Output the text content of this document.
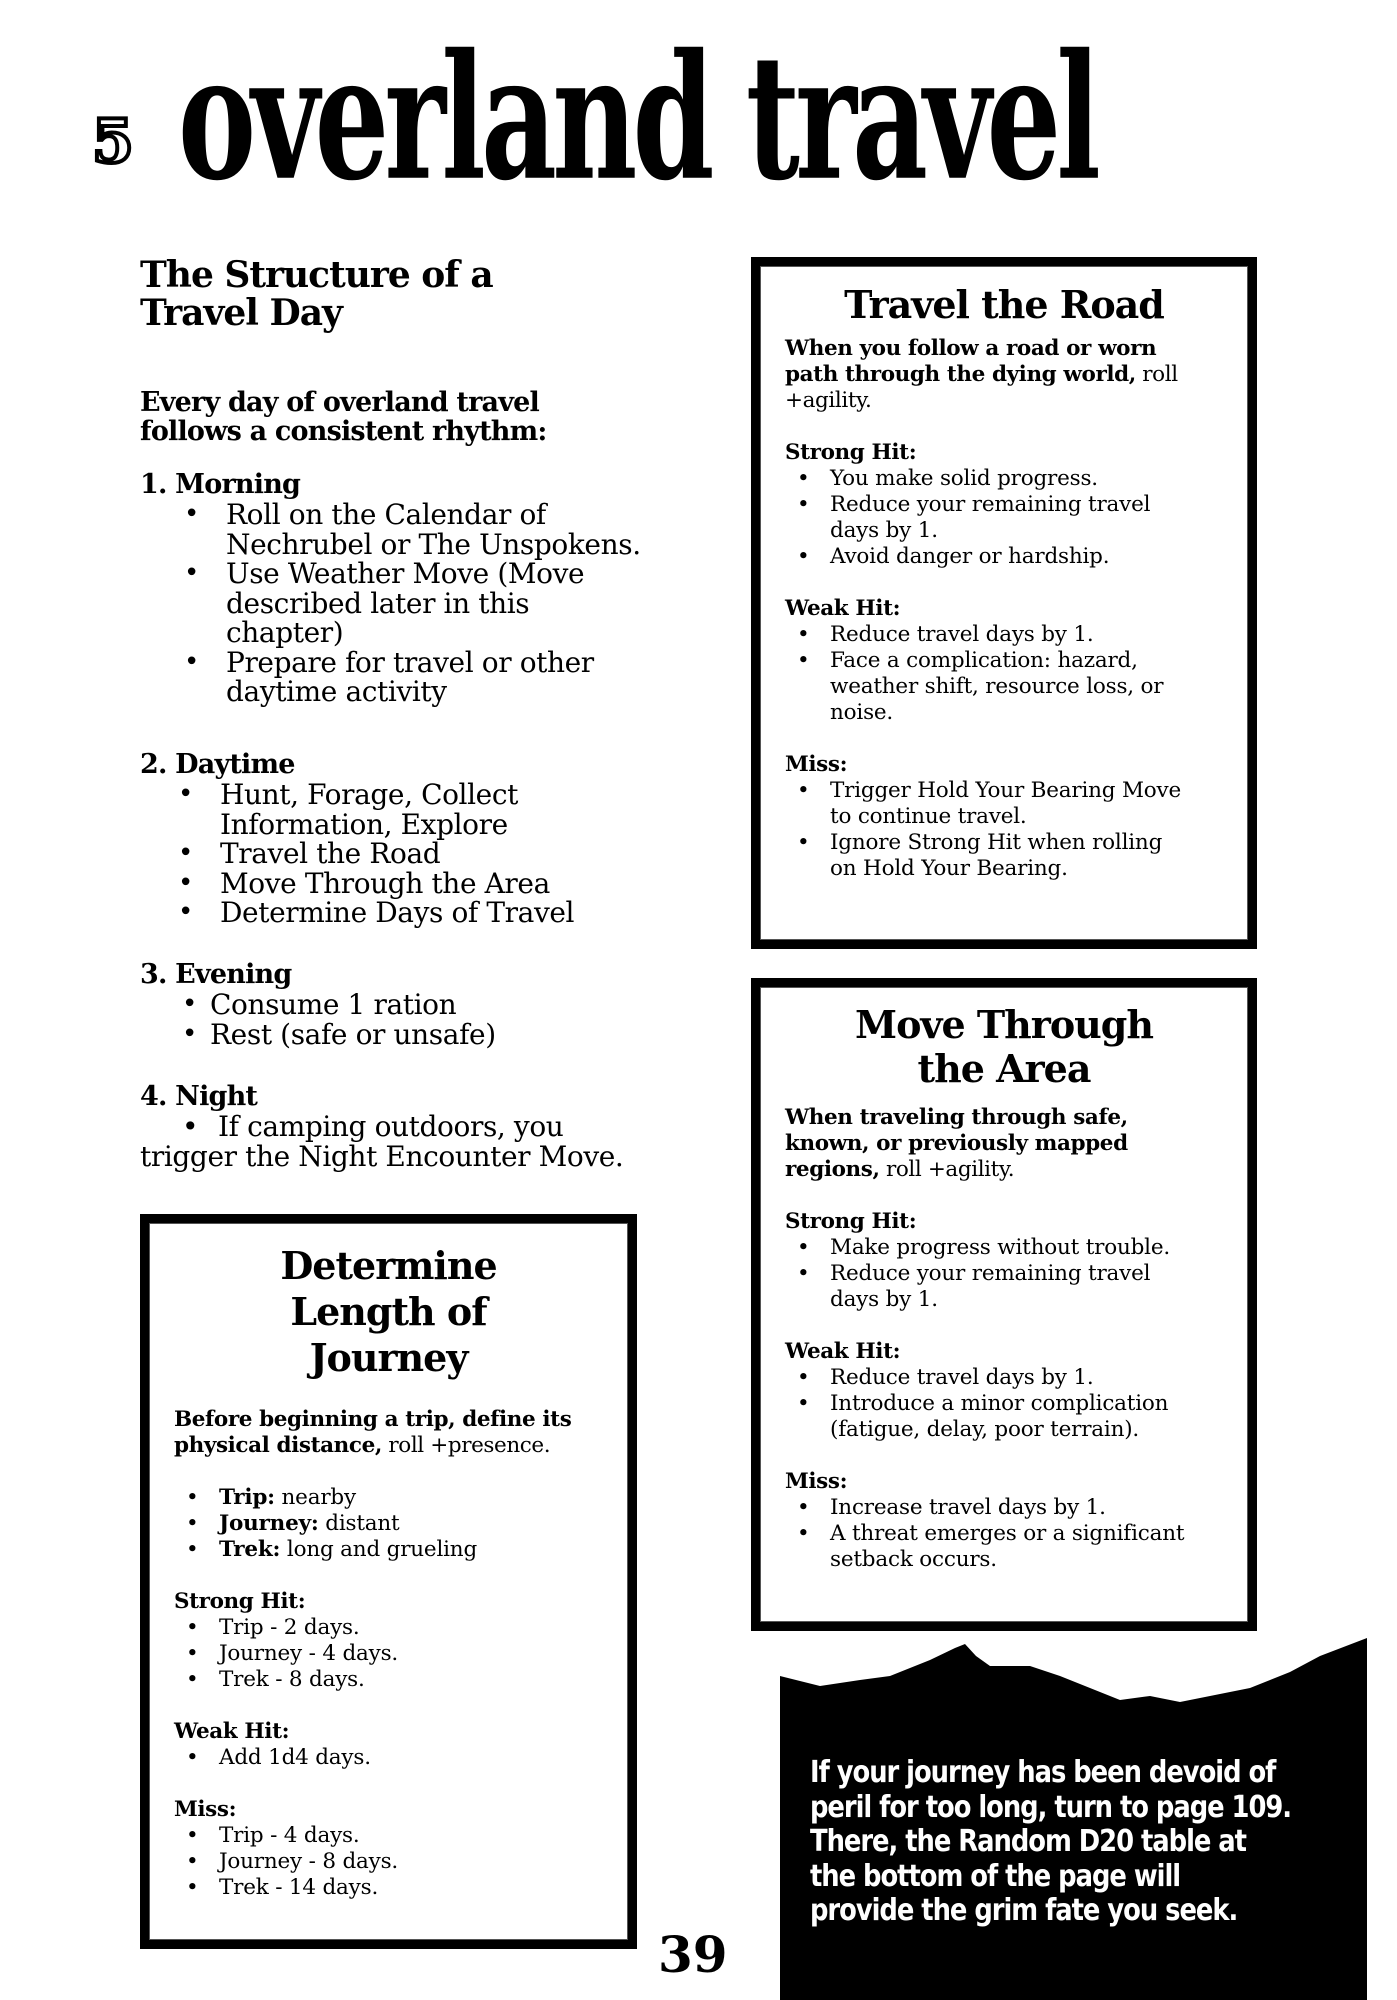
5 overland travel
The Structure of a
Travel Day
Every day of overland travel
follows a consistent rhythm:
1. Morning
• Roll on the Calendar of
Nechrubel or The Unspokens.
• Use Weather Move (Move
described later in this
chapter)
• Prepare for travel or other
daytime activity
2. Daytime
• Hunt, Forage, Collect
Information, Explore
• Travel the Road
• Move Through the Area
• Determine Days of Travel
3. Evening
• Consume 1 ration
• Rest (safe or unsafe)
4. Night
• If camping outdoors, you
trigger the Night Encounter Move.
Determine
Length of
Journey
Before beginning a trip, define its
physical distance, roll +presence.
• Trip: nearby
• Journey: distant
• Trek: long and grueling
Strong Hit:
• Trip - 2 days.
• Journey - 4 days.
• Trek - 8 days.
Weak Hit:
• Add 1d4 days.
Miss:
• Trip - 4 days.
• Journey - 8 days.
• Trek - 14 days.
Travel the Road
When you follow a road or worn
path through the dying world, roll
+agility.
Strong Hit:
• You make solid progress.
• Reduce your remaining travel
days by 1.
• Avoid danger or hardship.
Weak Hit:
• Reduce travel days by 1.
• Face a complication: hazard,
weather shift, resource loss, or
noise.
Miss:
• Trigger Hold Your Bearing Move
to continue travel.
• Ignore Strong Hit when rolling
on Hold Your Bearing.
Move Through
the Area
When traveling through safe,
known, or previously mapped
regions, roll +agility.
Strong Hit:
• Make progress without trouble.
• Reduce your remaining travel
days by 1.
Weak Hit:
• Reduce travel days by 1.
• Introduce a minor complication
(fatigue, delay, poor terrain).
Miss:
• Increase travel days by 1.
• A threat emerges or a significant
setback occurs.
If your journey has been devoid of
peril for too long, turn to page 109.
There, the Random D20 table at
the bottom of the page will
provide the grim fate you seek.
39
